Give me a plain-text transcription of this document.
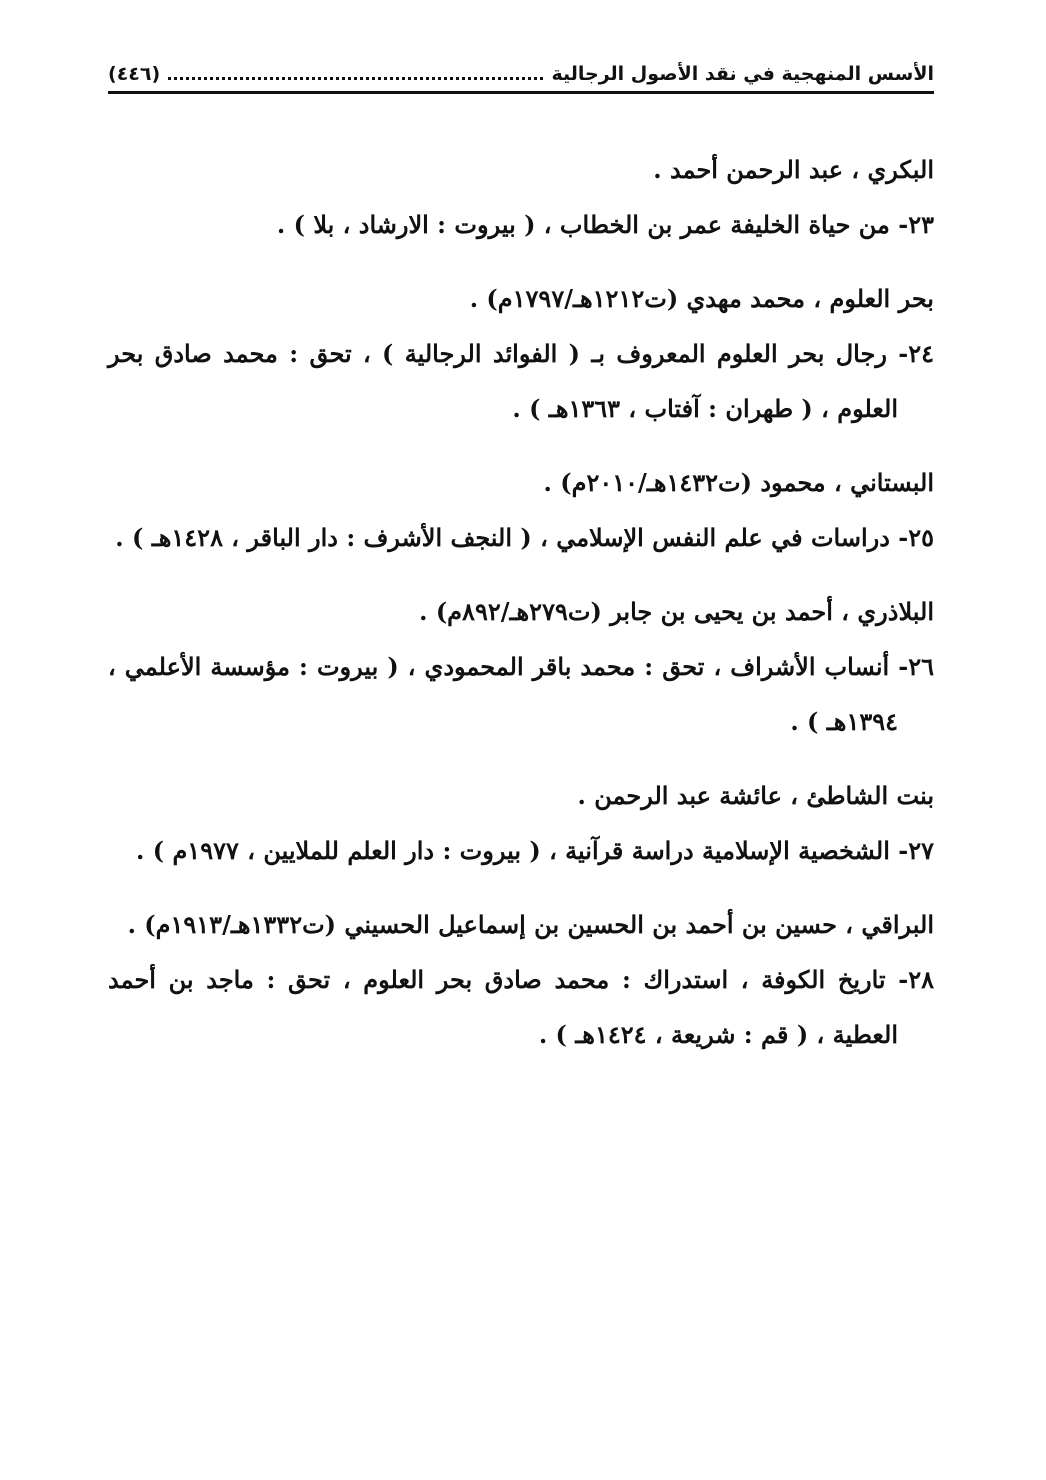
الأسس المنهجية في نقد الأصول الرجالية
(٤٤٦)

البكري ، عبد الرحمن أحمد .

٢٣- من حياة الخليفة عمر بن الخطاب ، ( بيروت : الارشاد ، بلا ) .

بحر العلوم ، محمد مهدي (ت١٢١٢هـ/١٧٩٧م) .

٢٤- رجال بحر العلوم المعروف بـ ( الفوائد الرجالية ) ، تحق : محمد صادق بحر العلوم ، ( طهران : آفتاب ، ١٣٦٣هـ ) .

البستاني ، محمود (ت١٤٣٢هـ/٢٠١٠م) .

٢٥- دراسات في علم النفس الإسلامي ، ( النجف الأشرف : دار الباقر ، ١٤٢٨هـ ) .

البلاذري ، أحمد بن يحيى بن جابر (ت٢٧٩هـ/٨٩٢م) .

٢٦- أنساب الأشراف ، تحق : محمد باقر المحمودي ، ( بيروت : مؤسسة الأعلمي ، ١٣٩٤هـ ) .

بنت الشاطئ ، عائشة عبد الرحمن .

٢٧- الشخصية الإسلامية دراسة قرآنية ، ( بيروت : دار العلم للملايين ، ١٩٧٧م ) .

البراقي ، حسين بن أحمد بن الحسين بن إسماعيل الحسيني (ت١٣٣٢هـ/١٩١٣م) .

٢٨- تاريخ الكوفة ، استدراك : محمد صادق بحر العلوم ، تحق : ماجد بن أحمد العطية ، ( قم : شريعة ، ١٤٢٤هـ ) .
